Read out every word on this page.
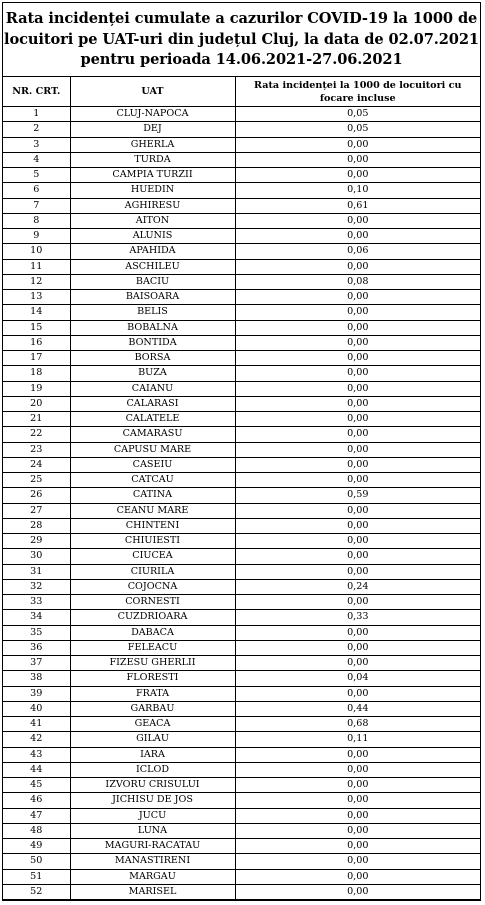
Rata incidenței cumulate a cazurilor COVID-19 la 1000 de
locuitori pe UAT-uri din județul Cluj, la data de 02.07.2021
pentru perioada 14.06.2021-27.06.2021
NR. CRT.	UAT	Rata incidenței la 1000 de locuitori cu focare incluse
1	CLUJ-NAPOCA	0,05
2	DEJ	0,05
3	GHERLA	0,00
4	TURDA	0,00
5	CAMPIA TURZII	0,00
6	HUEDIN	0,10
7	AGHIRESU	0,61
8	AITON	0,00
9	ALUNIS	0,00
10	APAHIDA	0,06
11	ASCHILEU	0,00
12	BACIU	0,08
13	BAISOARA	0,00
14	BELIS	0,00
15	BOBALNA	0,00
16	BONTIDA	0,00
17	BORSA	0,00
18	BUZA	0,00
19	CAIANU	0,00
20	CALARASI	0,00
21	CALATELE	0,00
22	CAMARASU	0,00
23	CAPUSU MARE	0,00
24	CASEIU	0,00
25	CATCAU	0,00
26	CATINA	0,59
27	CEANU MARE	0,00
28	CHINTENI	0,00
29	CHIUIESTI	0,00
30	CIUCEA	0,00
31	CIURILA	0,00
32	COJOCNA	0,24
33	CORNESTI	0,00
34	CUZDRIOARA	0,33
35	DABACA	0,00
36	FELEACU	0,00
37	FIZESU GHERLII	0,00
38	FLORESTI	0,04
39	FRATA	0,00
40	GARBAU	0,44
41	GEACA	0,68
42	GILAU	0,11
43	IARA	0,00
44	ICLOD	0,00
45	IZVORU CRISULUI	0,00
46	JICHISU DE JOS	0,00
47	JUCU	0,00
48	LUNA	0,00
49	MAGURI-RACATAU	0,00
50	MANASTIRENI	0,00
51	MARGAU	0,00
52	MARISEL	0,00
